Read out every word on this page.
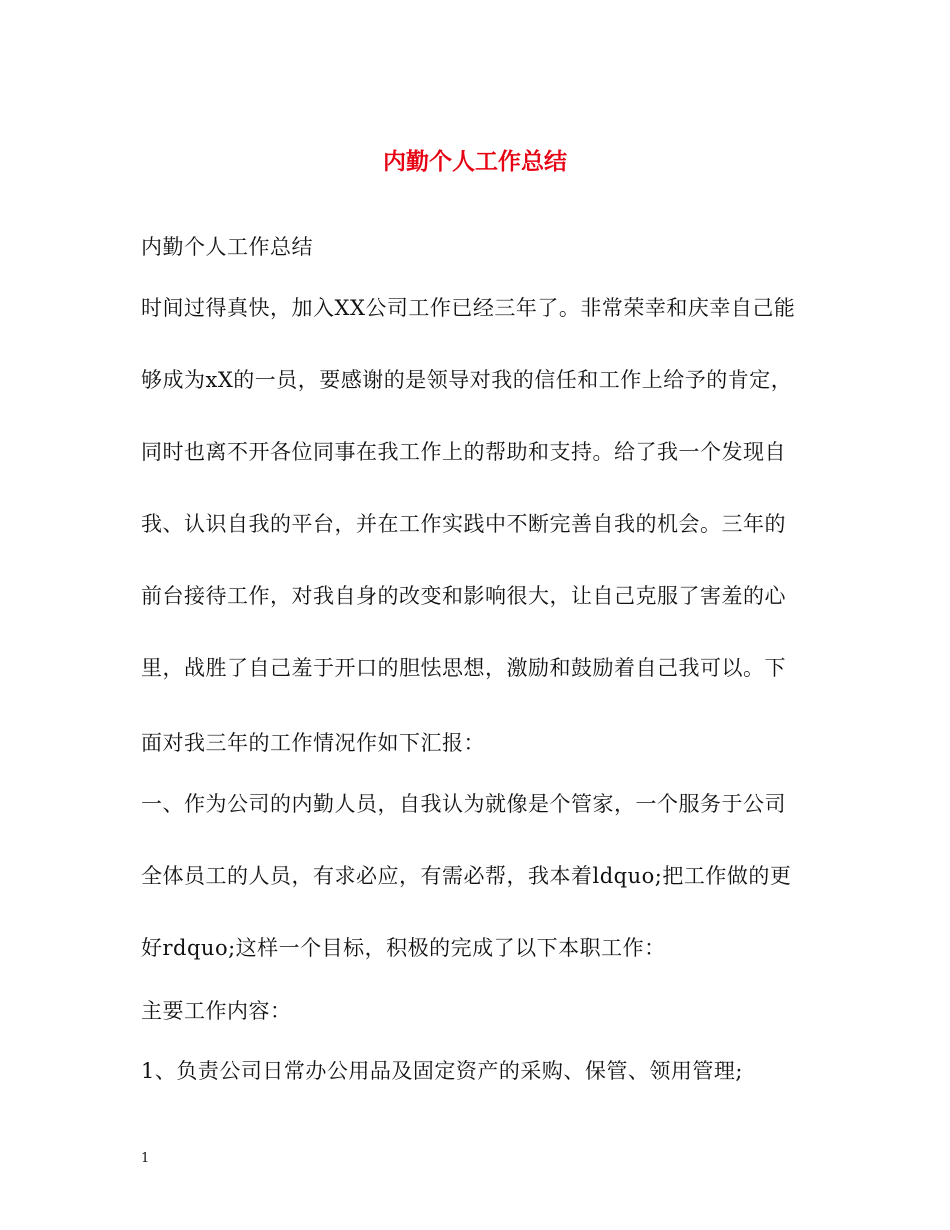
内勤个人工作总结
内勤个人工作总结
时间过得真快，加入XX公司工作已经三年了。非常荣幸和庆幸自己能
够成为xX的一员，要感谢的是领导对我的信任和工作上给予的肯定，
同时也离不开各位同事在我工作上的帮助和支持。给了我一个发现自
我、认识自我的平台，并在工作实践中不断完善自我的机会。三年的
前台接待工作，对我自身的改变和影响很大，让自己克服了害羞的心
里，战胜了自己羞于开口的胆怯思想，激励和鼓励着自己我可以。下
面对我三年的工作情况作如下汇报：
一、作为公司的内勤人员，自我认为就像是个管家，一个服务于公司
全体员工的人员，有求必应，有需必帮，我本着ldquo;把工作做的更
好rdquo;这样一个目标，积极的完成了以下本职工作：
主要工作内容：
1、负责公司日常办公用品及固定资产的采购、保管、领用管理;
1
